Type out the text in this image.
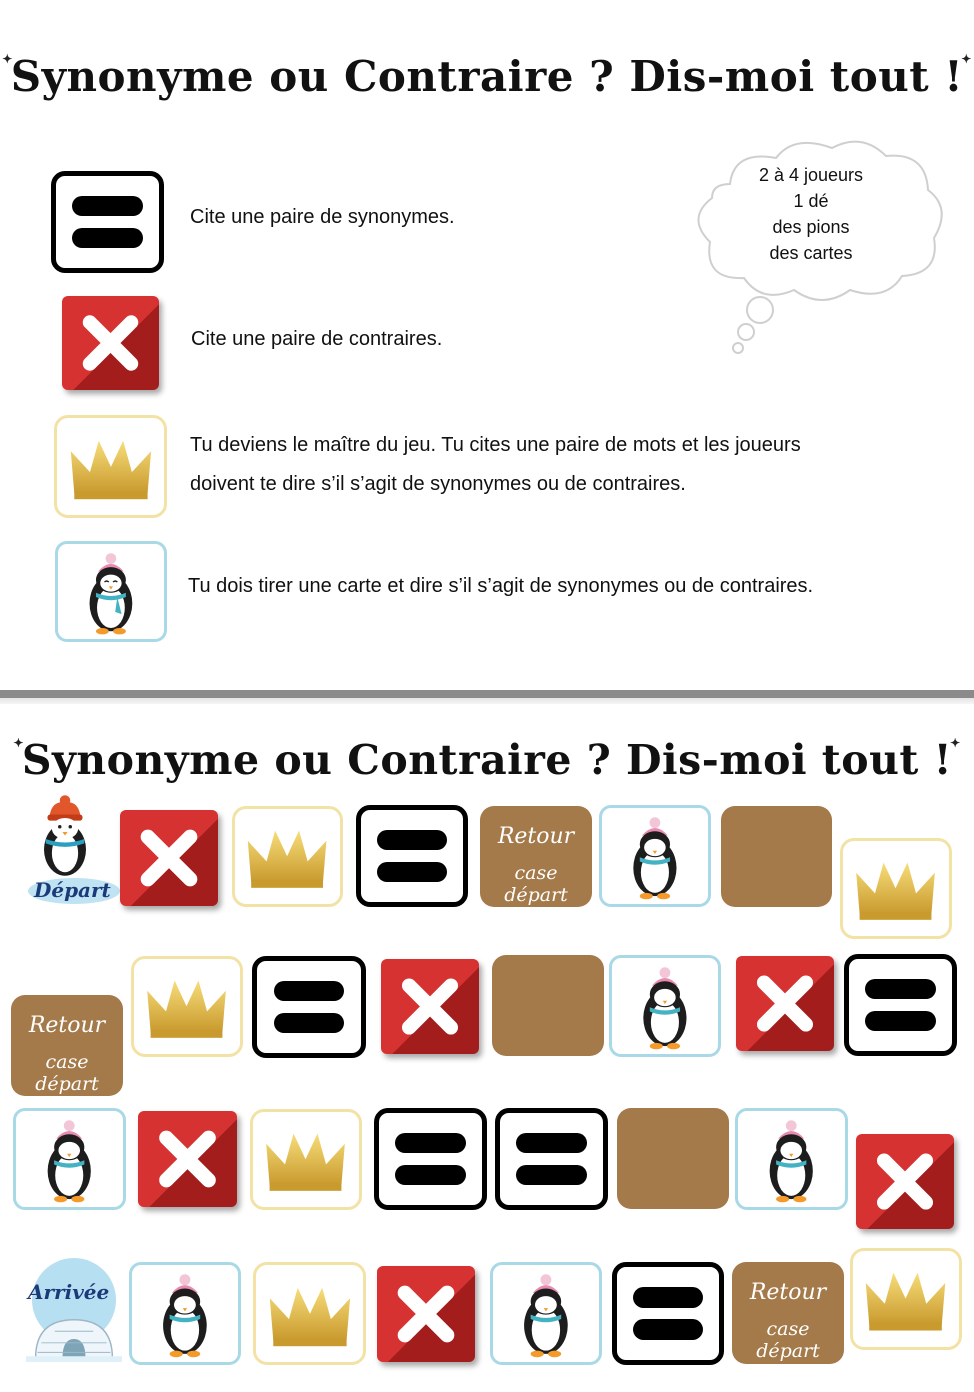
✦Synonyme ou Contraire ? Dis-moi tout !✦
Cite une paire de synonymes.
Cite une paire de contraires.
Tu deviens le maître du jeu. Tu cites une paire de mots et les joueurs
doivent te dire s’il s’agit de synonymes ou de contraires.
Tu dois tirer une carte et dire s’il s’agit de synonymes ou de contraires.
2 à 4 joueurs
1 dé
des pions
des cartes
✦Synonyme ou Contraire ? Dis-moi tout !✦
Départ
Retour
case départ
Retour
case départ
Arrivée	Retour
case départ
